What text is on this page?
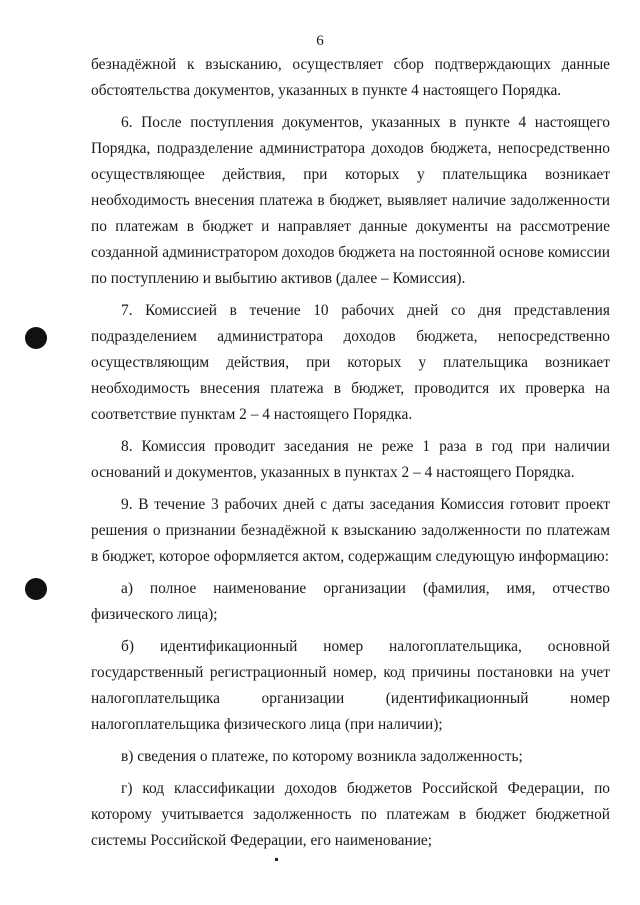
6

безнадёжной к взысканию, осуществляет сбор подтверждающих данные обстоятельства документов, указанных в пункте 4 настоящего Порядка.

6. После поступления документов, указанных в пункте 4 настоящего Порядка, подразделение администратора доходов бюджета, непосредственно осуществляющее действия, при которых у плательщика возникает необходимость внесения платежа в бюджет, выявляет наличие задолженности по платежам в бюджет и направляет данные документы на рассмотрение созданной администратором доходов бюджета на постоянной основе комиссии по поступлению и выбытию активов (далее – Комиссия).

7. Комиссией в течение 10 рабочих дней со дня представления подразделением администратора доходов бюджета, непосредственно осуществляющим действия, при которых у плательщика возникает необходимость внесения платежа в бюджет, проводится их проверка на соответствие пунктам 2 – 4 настоящего Порядка.

8. Комиссия проводит заседания не реже 1 раза в год при наличии оснований и документов, указанных в пунктах 2 – 4 настоящего Порядка.

9. В течение 3 рабочих дней с даты заседания Комиссия готовит проект решения о признании безнадёжной к взысканию задолженности по платежам в бюджет, которое оформляется актом, содержащим следующую информацию:

а) полное наименование организации (фамилия, имя, отчество физического лица);

б) идентификационный номер налогоплательщика, основной государственный регистрационный номер, код причины постановки на учет налогоплательщика организации (идентификационный номер налогоплательщика физического лица (при наличии);

в) сведения о платеже, по которому возникла задолженность;

г) код классификации доходов бюджетов Российской Федерации, по которому учитывается задолженность по платежам в бюджет бюджетной системы Российской Федерации, его наименование;
